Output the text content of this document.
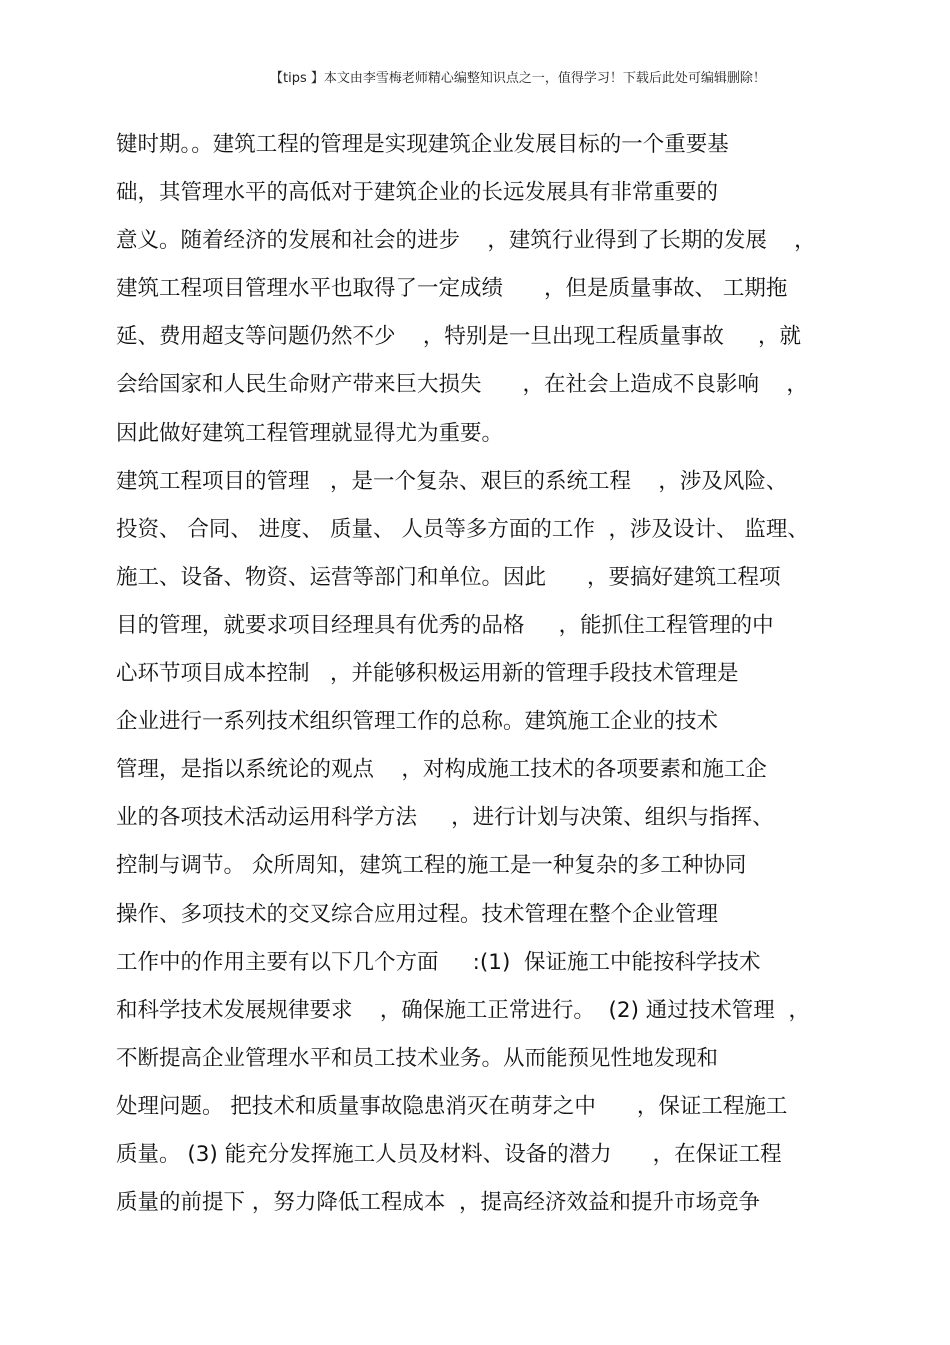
【tips 】本文由李雪梅老师精心编整知识点之一，值得学习！下载后此处可编辑删除！
键时期。。建筑工程的管理是实现建筑企业发展目标的一个重要基
础，其管理水平的高低对于建筑企业的长远发展具有非常重要的
意义。随着经济的发展和社会的进步    ，建筑行业得到了长期的发展    ，
建筑工程项目管理水平也取得了一定成绩      ，但是质量事故、 工期拖
延、费用超支等问题仍然不少    ，特别是一旦出现工程质量事故     ，就
会给国家和人民生命财产带来巨大损失      ，在社会上造成不良影响    ，
因此做好建筑工程管理就显得尤为重要。
建筑工程项目的管理   ，是一个复杂、艰巨的系统工程    ，涉及风险、
投资、 合同、 进度、 质量、 人员等多方面的工作  ，涉及设计、 监理、
施工、设备、物资、运营等部门和单位。因此      ，要搞好建筑工程项
目的管理，就要求项目经理具有优秀的品格     ，能抓住工程管理的中
心环节项目成本控制   ，并能够积极运用新的管理手段技术管理是
企业进行一系列技术组织管理工作的总称。建筑施工企业的技术
管理，是指以系统论的观点    ，对构成施工技术的各项要素和施工企
业的各项技术活动运用科学方法     ，进行计划与决策、组织与指挥、
控制与调节。 众所周知，建筑工程的施工是一种复杂的多工种协同
操作、多项技术的交叉综合应用过程。技术管理在整个企业管理
工作中的作用主要有以下几个方面     :(1)  保证施工中能按科学技术
和科学技术发展规律要求    ，确保施工正常进行。  (2) 通过技术管理  ，
不断提高企业管理水平和员工技术业务。从而能预见性地发现和
处理问题。 把技术和质量事故隐患消灭在萌芽之中      ，保证工程施工
质量。 (3) 能充分发挥施工人员及材料、设备的潜力      ，在保证工程
质量的前提下 ，努力降低工程成本  ，提高经济效益和提升市场竞争
